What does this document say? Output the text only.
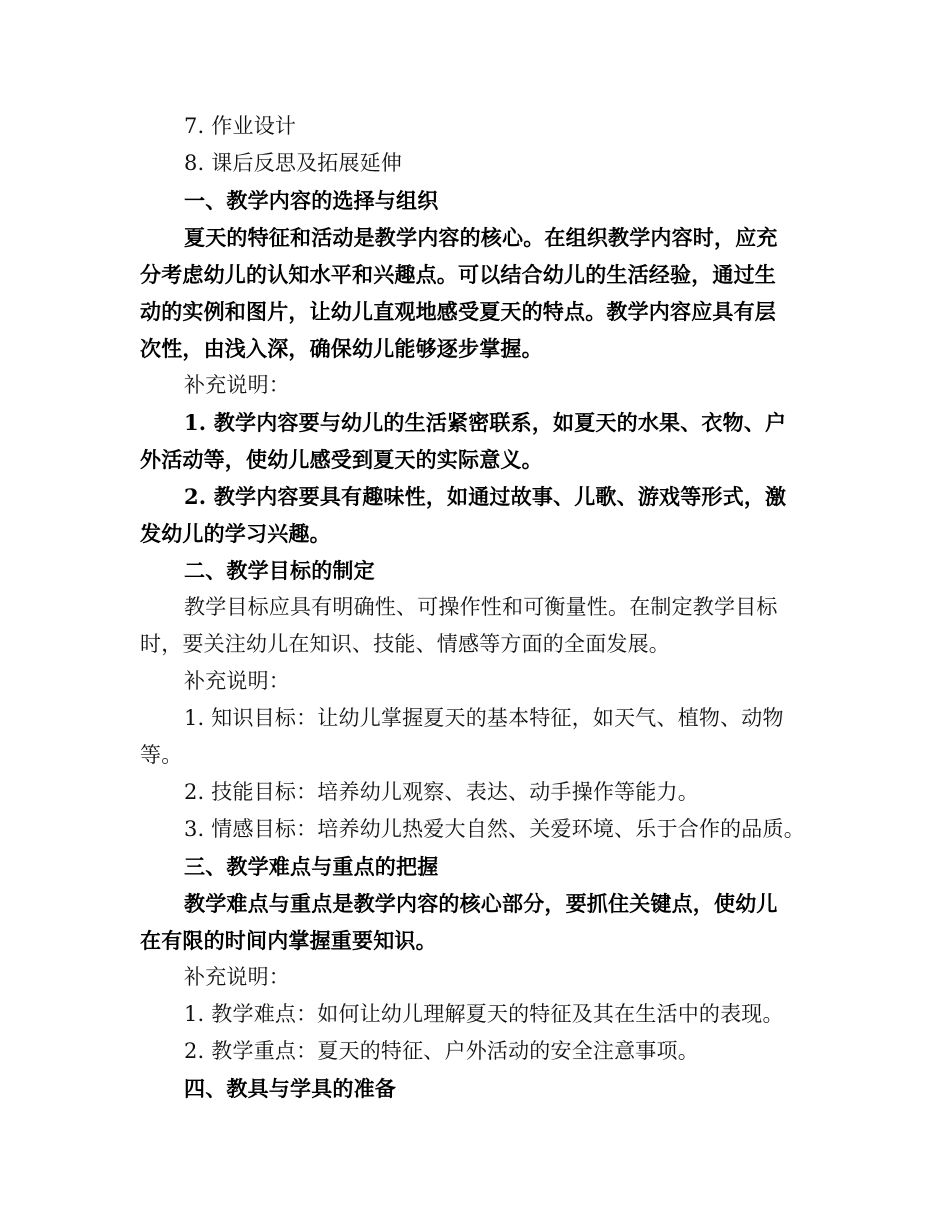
7. 作业设计
8. 课后反思及拓展延伸
一、教学内容的选择与组织
夏天的特征和活动是教学内容的核心。在组织教学内容时，应充
分考虑幼儿的认知水平和兴趣点。可以结合幼儿的生活经验，通过生
动的实例和图片，让幼儿直观地感受夏天的特点。教学内容应具有层
次性，由浅入深，确保幼儿能够逐步掌握。
补充说明：
1. 教学内容要与幼儿的生活紧密联系，如夏天的水果、衣物、户
外活动等，使幼儿感受到夏天的实际意义。
2. 教学内容要具有趣味性，如通过故事、儿歌、游戏等形式，激
发幼儿的学习兴趣。
二、教学目标的制定
教学目标应具有明确性、可操作性和可衡量性。在制定教学目标
时，要关注幼儿在知识、技能、情感等方面的全面发展。
补充说明：
1. 知识目标：让幼儿掌握夏天的基本特征，如天气、植物、动物
等。
2. 技能目标：培养幼儿观察、表达、动手操作等能力。
3. 情感目标：培养幼儿热爱大自然、关爱环境、乐于合作的品质。
三、教学难点与重点的把握
教学难点与重点是教学内容的核心部分，要抓住关键点，使幼儿
在有限的时间内掌握重要知识。
补充说明：
1. 教学难点：如何让幼儿理解夏天的特征及其在生活中的表现。
2. 教学重点：夏天的特征、户外活动的安全注意事项。
四、教具与学具的准备
